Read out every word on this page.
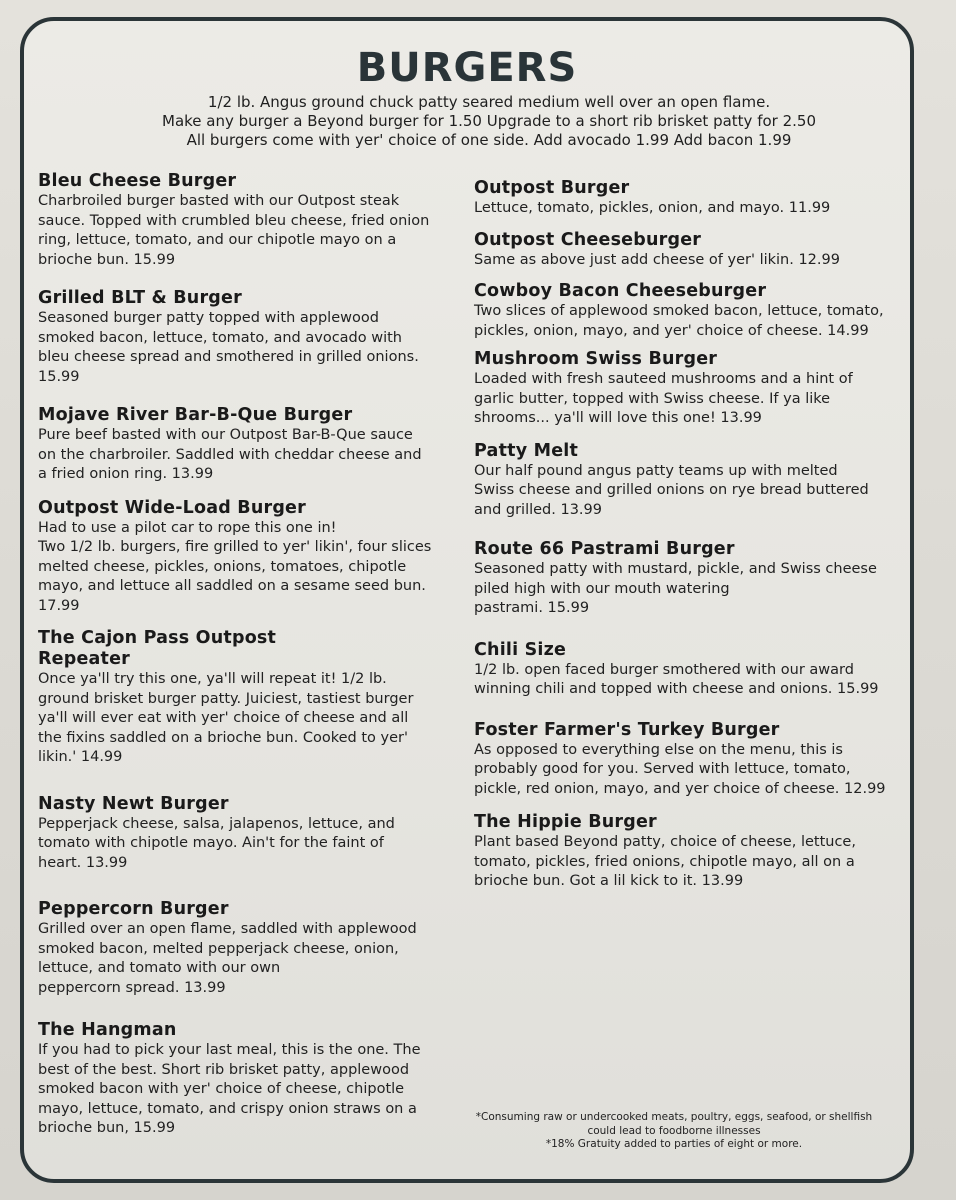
BURGERS
1/2 lb. Angus ground chuck patty seared medium well over an open flame.
Make any burger a Beyond burger for 1.50 Upgrade to a short rib brisket patty for 2.50
All burgers come with yer' choice of one side. Add avocado 1.99 Add bacon 1.99
Bleu Cheese Burger
Charbroiled burger basted with our Outpost steak
sauce. Topped with crumbled bleu cheese, fried onion
ring, lettuce, tomato, and our chipotle mayo on a
brioche bun. 15.99
Grilled BLT & Burger
Seasoned burger patty topped with applewood
smoked bacon, lettuce, tomato, and avocado with
bleu cheese spread and smothered in grilled onions.
15.99
Mojave River Bar-B-Que Burger
Pure beef basted with our Outpost Bar-B-Que sauce
on the charbroiler. Saddled with cheddar cheese and
a fried onion ring. 13.99
Outpost Wide-Load Burger
Had to use a pilot car to rope this one in!
Two 1/2 lb. burgers, fire grilled to yer' likin', four slices
melted cheese, pickles, onions, tomatoes, chipotle
mayo, and lettuce all saddled on a sesame seed bun.
17.99
The Cajon Pass Outpost
Repeater
Once ya'll try this one, ya'll will repeat it! 1/2 lb.
ground brisket burger patty. Juiciest, tastiest burger
ya'll will ever eat with yer' choice of cheese and all
the fixins saddled on a brioche bun. Cooked to yer'
likin.' 14.99
Nasty Newt Burger
Pepperjack cheese, salsa, jalapenos, lettuce, and
tomato with chipotle mayo. Ain't for the faint of
heart. 13.99
Peppercorn Burger
Grilled over an open flame, saddled with applewood
smoked bacon, melted pepperjack cheese, onion,
lettuce, and tomato with our own
peppercorn spread. 13.99
The Hangman
If you had to pick your last meal, this is the one. The
best of the best. Short rib brisket patty, applewood
smoked bacon with yer' choice of cheese, chipotle
mayo, lettuce, tomato, and crispy onion straws on a
brioche bun, 15.99
Outpost Burger
Lettuce, tomato, pickles, onion, and mayo. 11.99
Outpost Cheeseburger
Same as above just add cheese of yer' likin. 12.99
Cowboy Bacon Cheeseburger
Two slices of applewood smoked bacon, lettuce, tomato,
pickles, onion, mayo, and yer' choice of cheese. 14.99
Mushroom Swiss Burger
Loaded with fresh sauteed mushrooms and a hint of
garlic butter, topped with Swiss cheese. If ya like
shrooms... ya'll will love this one! 13.99
Patty Melt
Our half pound angus patty teams up with melted
Swiss cheese and grilled onions on rye bread buttered
and grilled. 13.99
Route 66 Pastrami Burger
Seasoned patty with mustard, pickle, and Swiss cheese
piled high with our mouth watering
pastrami. 15.99
Chili Size
1/2 lb. open faced burger smothered with our award
winning chili and topped with cheese and onions. 15.99
Foster Farmer's Turkey Burger
As opposed to everything else on the menu, this is
probably good for you. Served with lettuce, tomato,
pickle, red onion, mayo, and yer choice of cheese. 12.99
The Hippie Burger
Plant based Beyond patty, choice of cheese, lettuce,
tomato, pickles, fried onions, chipotle mayo, all on a
brioche bun. Got a lil kick to it. 13.99
*Consuming raw or undercooked meats, poultry, eggs, seafood, or shellfish
could lead to foodborne illnesses
*18% Gratuity added to parties of eight or more.
